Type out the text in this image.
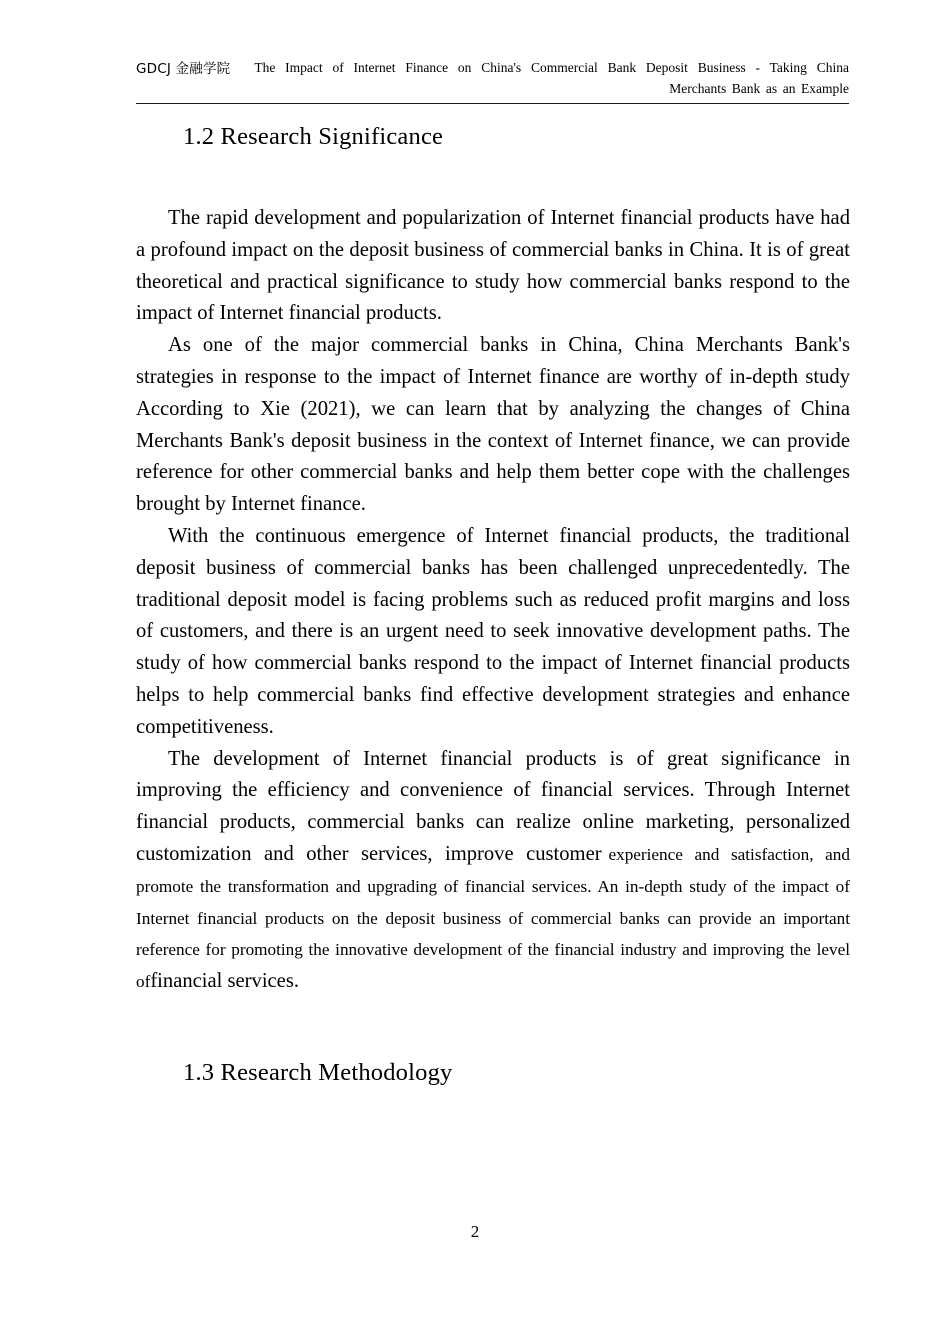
GDCJ 金融学院	The Impact of Internet Finance on China's Commercial Bank Deposit Business - Taking China Merchants Bank as an Example
1.2 Research Significance

The rapid development and popularization of Internet financial products have had a profound impact on the deposit business of commercial banks in China. It is of great theoretical and practical significance to study how commercial banks respond to the impact of Internet financial products.

As one of the major commercial banks in China, China Merchants Bank's strategies in response to the impact of Internet finance are worthy of in-depth study According to Xie (2021), we can learn that by analyzing the changes of China Merchants Bank's deposit business in the context of Internet finance, we can provide reference for other commercial banks and help them better cope with the challenges brought by Internet finance.

With the continuous emergence of Internet financial products, the traditional deposit business of commercial banks has been challenged unprecedentedly. The traditional deposit model is facing problems such as reduced profit margins and loss of customers, and there is an urgent need to seek innovative development paths. The study of how commercial banks respond to the impact of Internet financial products helps to help commercial banks find effective development strategies and enhance competitiveness.

The development of Internet financial products is of great significance in improving the efficiency and convenience of financial services. Through Internet financial products, commercial banks can realize online marketing, personalized customization and other services, improve customer experience and satisfaction, and promote the transformation and upgrading of financial services. An in-depth study of the impact of Internet financial products on the deposit business of commercial banks can provide an important reference for promoting the innovative development of the financial industry and improving the level offinancial services.

1.3 Research Methodology
2
